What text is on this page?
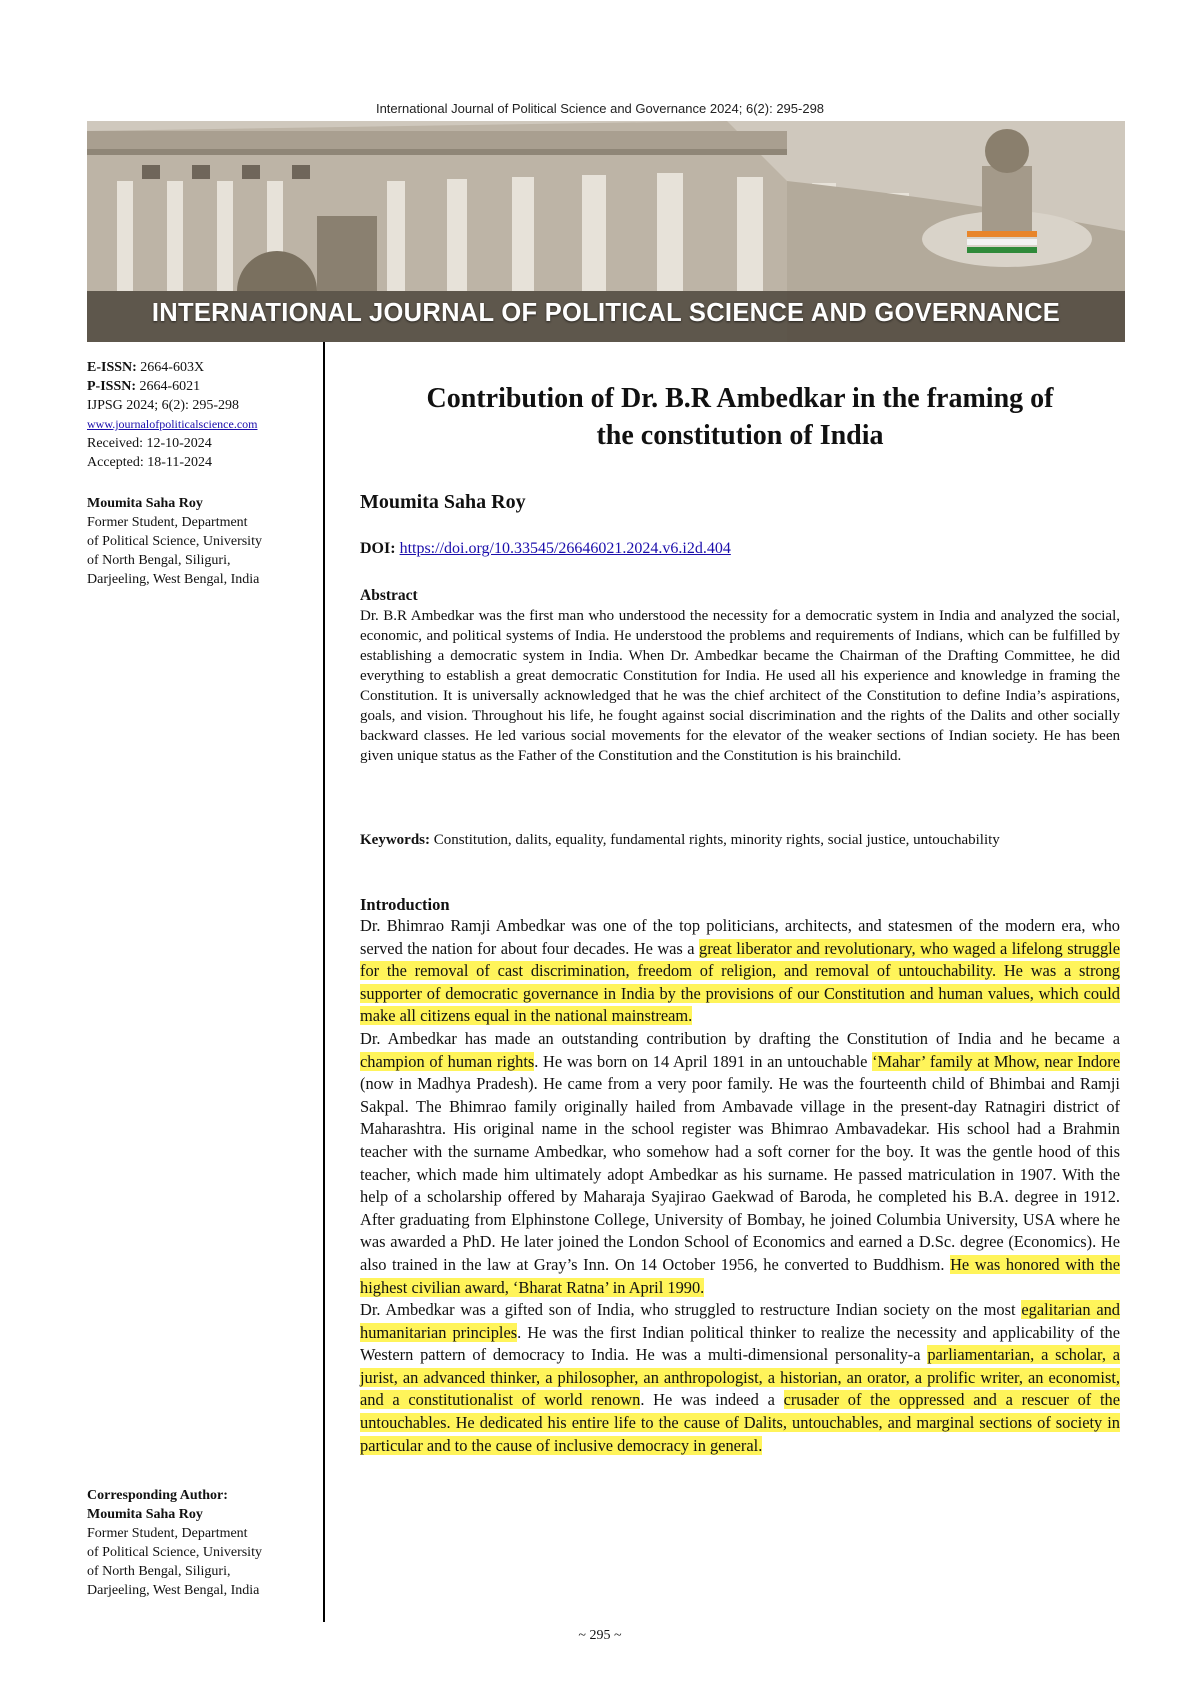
International Journal of Political Science and Governance 2024; 6(2): 295-298
INTERNATIONAL JOURNAL OF POLITICAL SCIENCE AND GOVERNANCE
E-ISSN: 2664-603X
P-ISSN: 2664-6021
IJPSG 2024; 6(2): 295-298
www.journalofpoliticalscience.com
Received: 12-10-2024
Accepted: 18-11-2024
Moumita Saha Roy
Former Student, Department
of Political Science, University
of North Bengal, Siliguri,
Darjeeling, West Bengal, India
Corresponding Author:
Moumita Saha Roy
Former Student, Department
of Political Science, University
of North Bengal, Siliguri,
Darjeeling, West Bengal, India
Contribution of Dr. B.R Ambedkar in the framing of
the constitution of India
Moumita Saha Roy
DOI: https://doi.org/10.33545/26646021.2024.v6.i2d.404
Abstract
Dr. B.R Ambedkar was the first man who understood the necessity for a democratic system in India and analyzed the social, economic, and political systems of India. He understood the problems and requirements of Indians, which can be fulfilled by establishing a democratic system in India. When Dr. Ambedkar became the Chairman of the Drafting Committee, he did everything to establish a great democratic Constitution for India. He used all his experience and knowledge in framing the Constitution. It is universally acknowledged that he was the chief architect of the Constitution to define India’s aspirations, goals, and vision. Throughout his life, he fought against social discrimination and the rights of the Dalits and other socially backward classes. He led various social movements for the elevator of the weaker sections of Indian society. He has been given unique status as the Father of the Constitution and the Constitution is his brainchild.
Keywords: Constitution, dalits, equality, fundamental rights, minority rights, social justice, untouchability
Introduction
Dr. Bhimrao Ramji Ambedkar was one of the top politicians, architects, and statesmen of the modern era, who served the nation for about four decades. He was a great liberator and revolutionary, who waged a lifelong struggle for the removal of cast discrimination, freedom of religion, and removal of untouchability. He was a strong supporter of democratic governance in India by the provisions of our Constitution and human values, which could make all citizens equal in the national mainstream.
Dr. Ambedkar has made an outstanding contribution by drafting the Constitution of India and he became a champion of human rights. He was born on 14 April 1891 in an untouchable ‘Mahar’ family at Mhow, near Indore (now in Madhya Pradesh). He came from a very poor family. He was the fourteenth child of Bhimbai and Ramji Sakpal. The Bhimrao family originally hailed from Ambavade village in the present-day Ratnagiri district of Maharashtra. His original name in the school register was Bhimrao Ambavadekar. His school had a Brahmin teacher with the surname Ambedkar, who somehow had a soft corner for the boy. It was the gentle hood of this teacher, which made him ultimately adopt Ambedkar as his surname. He passed matriculation in 1907. With the help of a scholarship offered by Maharaja Syajirao Gaekwad of Baroda, he completed his B.A. degree in 1912. After graduating from Elphinstone College, University of Bombay, he joined Columbia University, USA where he was awarded a PhD. He later joined the London School of Economics and earned a D.Sc. degree (Economics). He also trained in the law at Gray’s Inn. On 14 October 1956, he converted to Buddhism. He was honored with the highest civilian award, ‘Bharat Ratna’ in April 1990.
Dr. Ambedkar was a gifted son of India, who struggled to restructure Indian society on the most egalitarian and humanitarian principles. He was the first Indian political thinker to realize the necessity and applicability of the Western pattern of democracy to India. He was a multi-dimensional personality-a parliamentarian, a scholar, a jurist, an advanced thinker, a philosopher, an anthropologist, a historian, an orator, a prolific writer, an economist, and a constitutionalist of world renown. He was indeed a crusader of the oppressed and a rescuer of the untouchables. He dedicated his entire life to the cause of Dalits, untouchables, and marginal sections of society in particular and to the cause of inclusive democracy in general.
~ 295 ~
